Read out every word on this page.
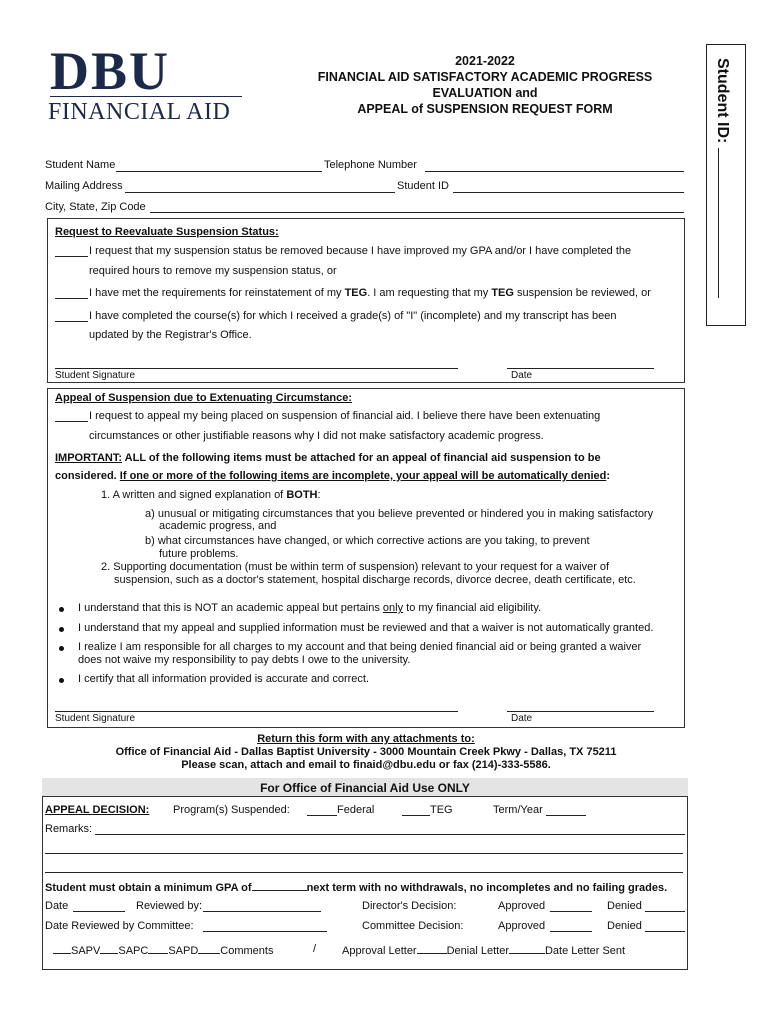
DBU
FINANCIAL AID
2021-2022
FINANCIAL AID SATISFACTORY ACADEMIC PROGRESS
EVALUATION and
APPEAL of SUSPENSION REQUEST FORM	Student ID:
Student Name	Telephone Number
Mailing Address	Student ID
City, State, Zip Code
Request to Reevaluate Suspension Status:
I request that my suspension status be removed because I have improved my GPA and/or I have completed the
required hours to remove my suspension status, or
I have met the requirements for reinstatement of my TEG. I am requesting that my TEG suspension be reviewed, or
I have completed the course(s) for which I received a grade(s) of "I" (incomplete) and my transcript has been
updated by the Registrar's Office.
Student Signature	Date
Appeal of Suspension due to Extenuating Circumstance:
I request to appeal my being placed on suspension of financial aid. I believe there have been extenuating
circumstances or other justifiable reasons why I did not make satisfactory academic progress.
IMPORTANT: ALL of the following items must be attached for an appeal of financial aid suspension to be
considered. If one or more of the following items are incomplete, your appeal will be automatically denied:
1. A written and signed explanation of BOTH:
a) unusual or mitigating circumstances that you believe prevented or hindered you in making satisfactory
academic progress, and
b) what circumstances have changed, or which corrective actions are you taking, to prevent
future problems.
2. Supporting documentation (must be within term of suspension) relevant to your request for a waiver of
suspension, such as a doctor's statement, hospital discharge records, divorce decree, death certificate, etc.
I understand that this is NOT an academic appeal but pertains only to my financial aid eligibility.
I understand that my appeal and supplied information must be reviewed and that a waiver is not automatically granted.
I realize I am responsible for all charges to my account and that being denied financial aid or being granted a waiver
does not waive my responsibility to pay debts I owe to the university.
I certify that all information provided is accurate and correct.
Student Signature	Date
Return this form with any attachments to:
Office of Financial Aid - Dallas Baptist University - 3000 Mountain Creek Pkwy - Dallas, TX 75211
Please scan, attach and email to finaid@dbu.edu or fax (214)-333-5586.
For Office of Financial Aid Use ONLY
APPEAL DECISION: Program(s) Suspended:	Federal	TEG	Term/Year
Remarks:
Student must obtain a minimum GPA of	next term with no withdrawals, no incompletes and no failing grades.
Date	Reviewed by:	Director's Decision:	Approved	Denied
Date Reviewed by Committee:	Committee Decision:	Approved	Denied
SAPV SAPC SAPD Comments	/ Approval Letter	Denial Letter	Date Letter Sent
